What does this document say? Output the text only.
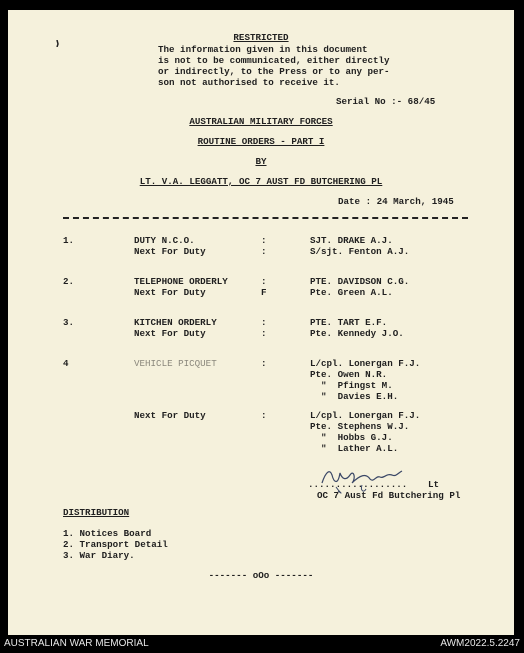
RESTRICTED
The information given in this document
is not to be communicated, either directly
or indirectly, to the Press or to any per-
son not authorised to receive it.
Serial No :- 68/45
AUSTRALIAN MILITARY FORCES
ROUTINE ORDERS - PART I
BY
LT. V.A. LEGGATT, OC 7 AUST FD BUTCHERING PL
Date : 24 March, 1945
1.	DUTY N.C.O.	:	SJT. DRAKE A.J.
Next For Duty	:	S/sjt. Fenton A.J.
2.	TELEPHONE ORDERLY	:	PTE. DAVIDSON C.G.
Next For Duty	F	Pte. Green A.L.
3.	KITCHEN ORDERLY	:	PTE. TART E.F.
Next For Duty	:	Pte. Kennedy J.O.
4	VEHICLE PICQUET	:	L/cpl. Lonergan F.J.
Pte. Owen N.R.
"  Pfingst M.
"  Davies E.H.
Next For Duty	:	L/cpl. Lonergan F.J.
Pte. Stephens W.J.
"  Hobbs G.J.
"  Lather A.L.
.................. Lt
OC 7 Aust Fd Butchering Pl
DISTRIBUTION
1. Notices Board
2. Transport Detail
3. War Diary.
------- oOo -------
AUSTRALIAN WAR MEMORIAL	AWM2022.5.2247
